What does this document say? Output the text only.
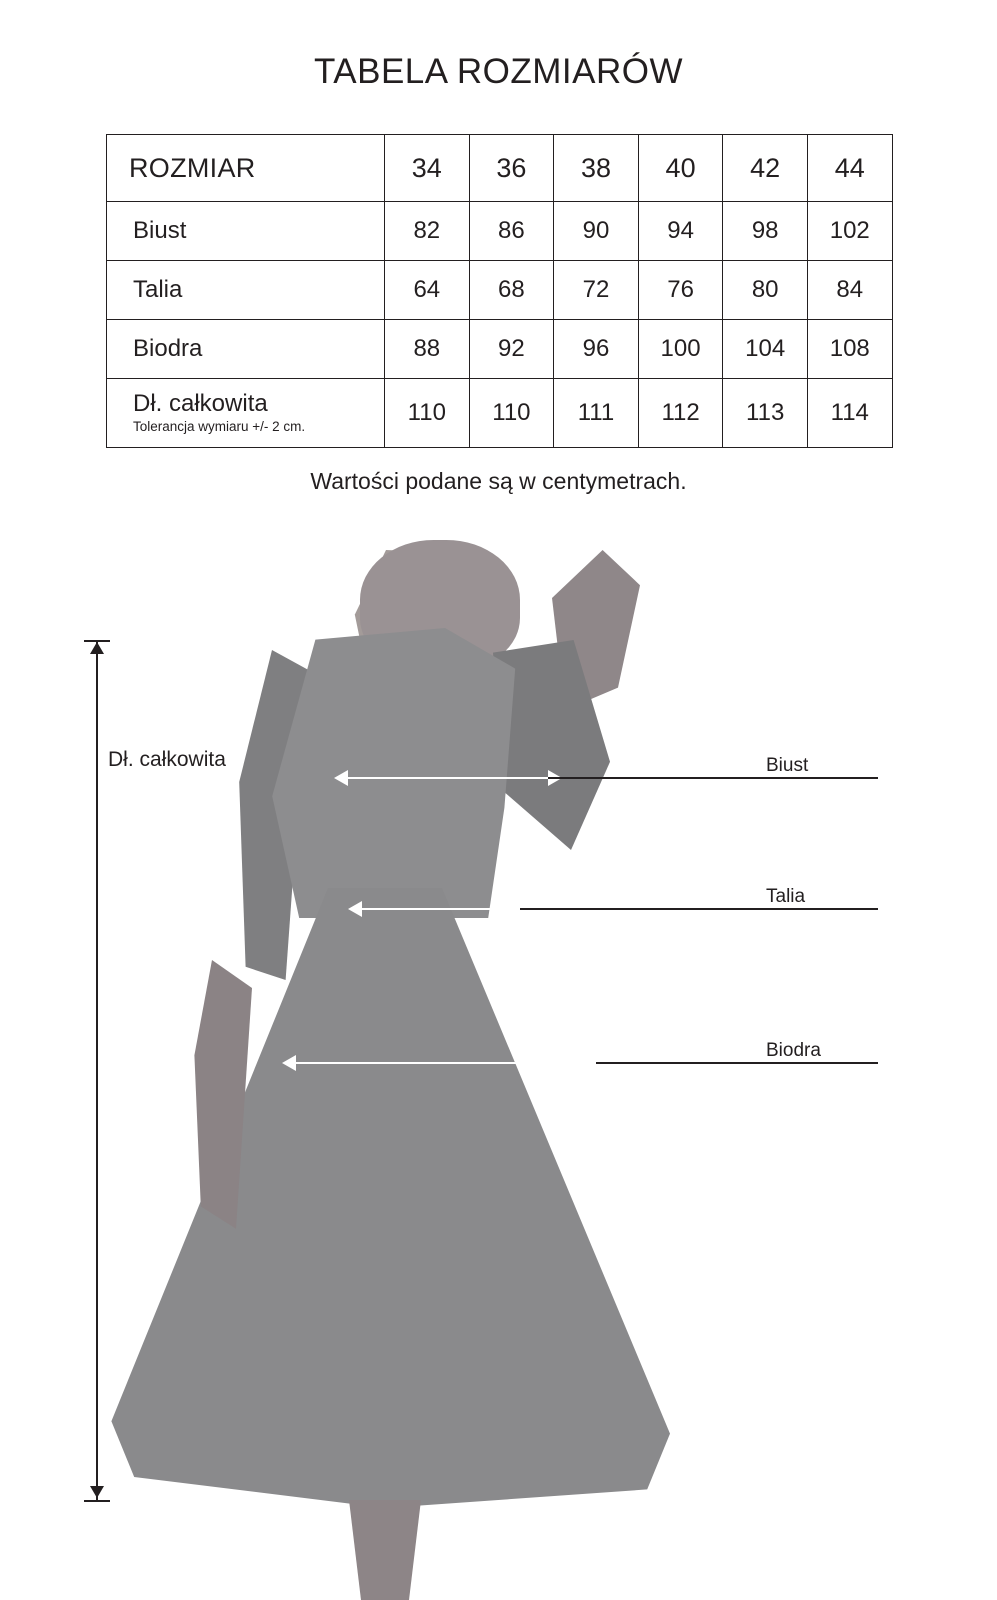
TABELA ROZMIARÓW
ROZMIAR	34	36	38	40	42	44
Biust	82	86	90	94	98	102
Talia	64	68	72	76	80	84
Biodra	88	92	96	100	104	108
Dł. całkowita
Tolerancja wymiaru +/- 2 cm.	110	110	111	112	113	114
Wartości podane są w centymetrach.
Dł. całkowita	Biust
Talia
Biodra
